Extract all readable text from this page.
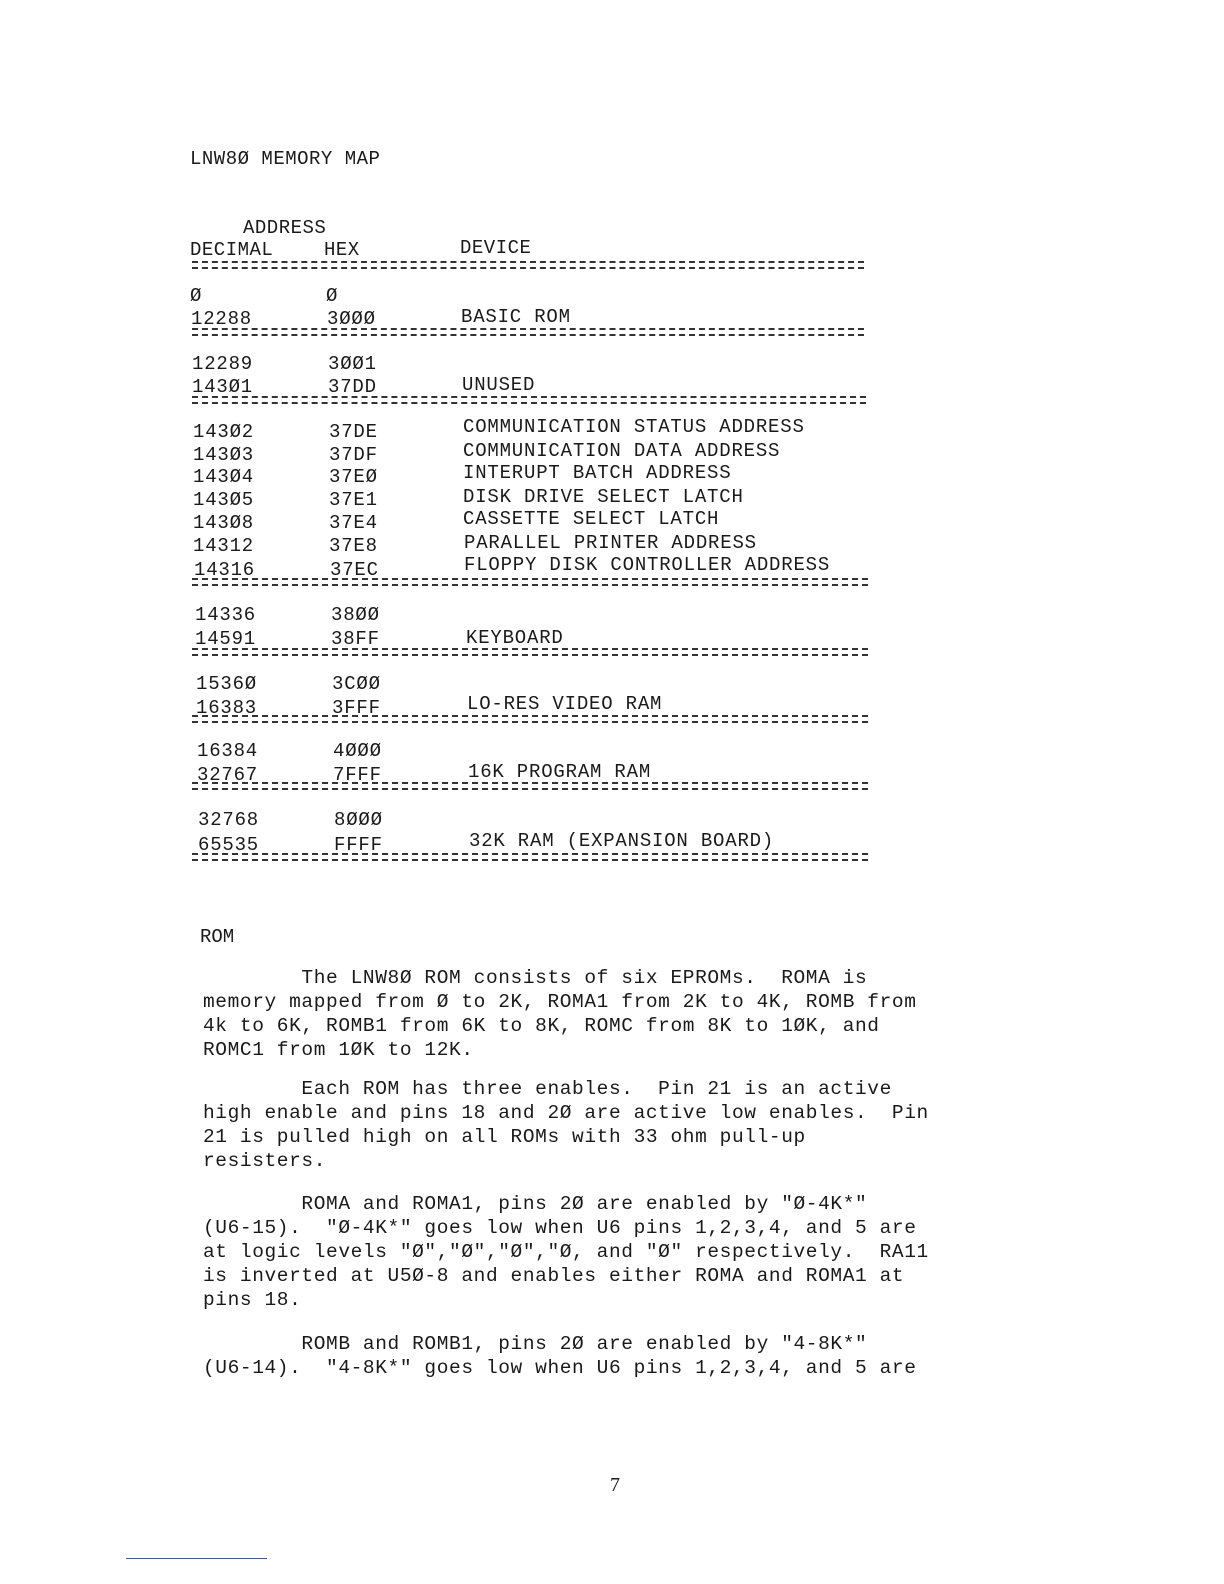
LNW8Ø MEMORY MAP
ADDRESS
DECIMAL	HEX	DEVICE
Ø	Ø
12288	3ØØØ	BASIC ROM
12289	3ØØ1
143Ø1	37DD	UNUSED
143Ø2	37DE	COMMUNICATION STATUS ADDRESS
143Ø3	37DF	COMMUNICATION DATA ADDRESS
143Ø4	37EØ	INTERUPT BATCH ADDRESS
143Ø5	37E1	DISK DRIVE SELECT LATCH
143Ø8	37E4	CASSETTE SELECT LATCH
14312	37E8	PARALLEL PRINTER ADDRESS
14316	37EC	FLOPPY DISK CONTROLLER ADDRESS
14336	38ØØ
14591	38FF	KEYBOARD
1536Ø	3CØØ
16383	3FFF	LO-RES VIDEO RAM
16384	4ØØØ
32767	7FFF	16K PROGRAM RAM
32768	8ØØØ
65535	FFFF	32K RAM (EXPANSION BOARD)
ROM
The LNW8Ø ROM consists of six EPROMs.  ROMA is
memory mapped from Ø to 2K, ROMA1 from 2K to 4K, ROMB from
4k to 6K, ROMB1 from 6K to 8K, ROMC from 8K to 1ØK, and
ROMC1 from 1ØK to 12K.
Each ROM has three enables.  Pin 21 is an active
high enable and pins 18 and 2Ø are active low enables.  Pin
21 is pulled high on all ROMs with 33 ohm pull-up
resisters.
ROMA and ROMA1, pins 2Ø are enabled by "Ø-4K*"
(U6-15).  "Ø-4K*" goes low when U6 pins 1,2,3,4, and 5 are
at logic levels "Ø","Ø","Ø","Ø, and "Ø" respectively.  RA11
is inverted at U5Ø-8 and enables either ROMA and ROMA1 at
pins 18.
ROMB and ROMB1, pins 2Ø are enabled by "4-8K*"
(U6-14).  "4-8K*" goes low when U6 pins 1,2,3,4, and 5 are
7
